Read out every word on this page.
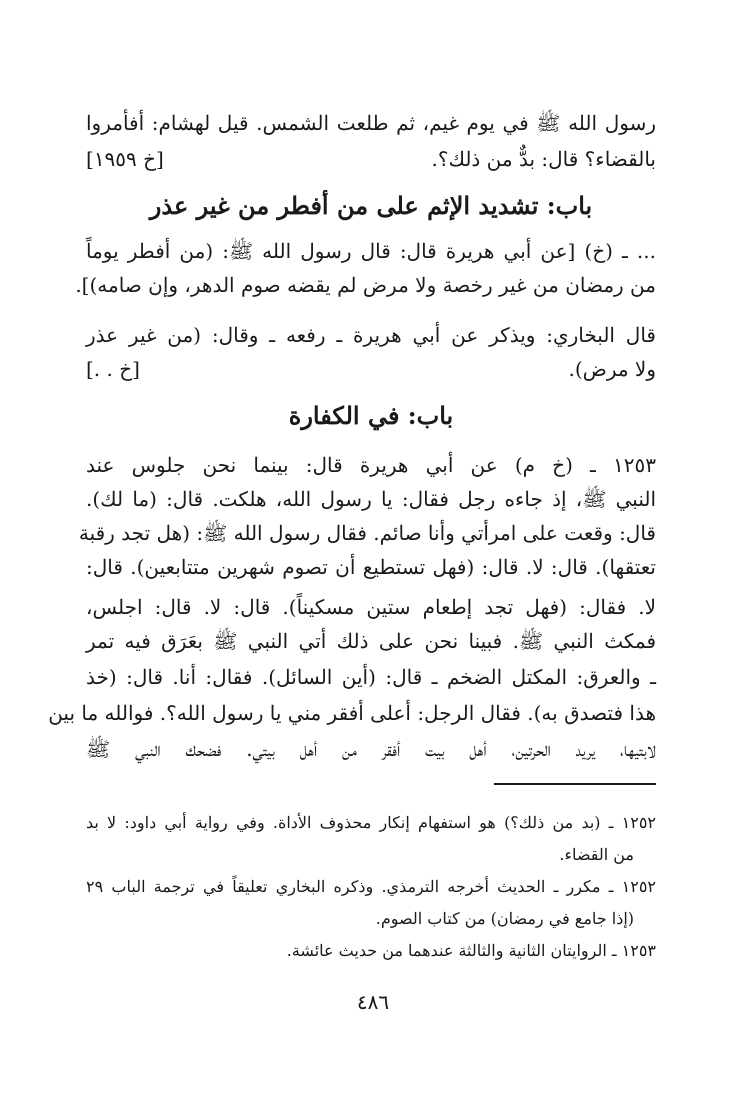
رسول الله ﷺ في يوم غيم، ثم طلعت الشمس. قيل لهشام: أفأمروا
بالقضاء؟ قال: بدٌّ من ذلك؟.
[خ ١٩٥٩]
باب: تشديد الإثم على من أفطر من غير عذر
... ـ (خ) [عن أبي هريرة قال: قال رسول الله ﷺ: (من أفطر يوماً
من رمضان من غير رخصة ولا مرض لم يقضه صوم الدهر، وإن صامه)].
قال البخاري: ويذكر عن أبي هريرة ـ رفعه ـ وقال: (من غير عذر
ولا مرض).
[خ . .]
باب: في الكفارة
١٢٥٣ ـ (خ م) عن أبي هريرة قال: بينما نحن جلوس عند
النبي ﷺ، إذ جاءه رجل فقال: يا رسول الله، هلكت. قال: (ما لك).
قال: وقعت على امرأتي وأنا صائم. فقال رسول الله ﷺ: (هل تجد رقبة
تعتقها). قال: لا. قال: (فهل تستطيع أن تصوم شهرين متتابعين). قال:
لا. فقال: (فهل تجد إطعام ستين مسكيناً). قال: لا. قال: اجلس،
فمكث النبي ﷺ. فبينا نحن على ذلك أتي النبي ﷺ بعَرَق فيه تمر
ـ والعرق: المكتل الضخم ـ قال: (أين السائل). فقال: أنا. قال: (خذ
هذا فتصدق به). فقال الرجل: أعلى أفقر مني يا رسول الله؟. فوالله ما بين
لابتيها، يريد الحرتين، أهل بيت أفقر من أهل بيتي. فضحك النبي ﷺ
١٢٥٢ ـ (بد من ذلك؟) هو استفهام إنكار محذوف الأداة. وفي رواية أبي داود: لا بد
من القضاء.
١٢٥٢ ـ مكرر ـ الحديث أخرجه الترمذي. وذكره البخاري تعليقاً في ترجمة الباب ٢٩
(إذا جامع في رمضان) من كتاب الصوم.
١٢٥٣ ـ الروايتان الثانية والثالثة عندهما من حديث عائشة.
٤٨٦
